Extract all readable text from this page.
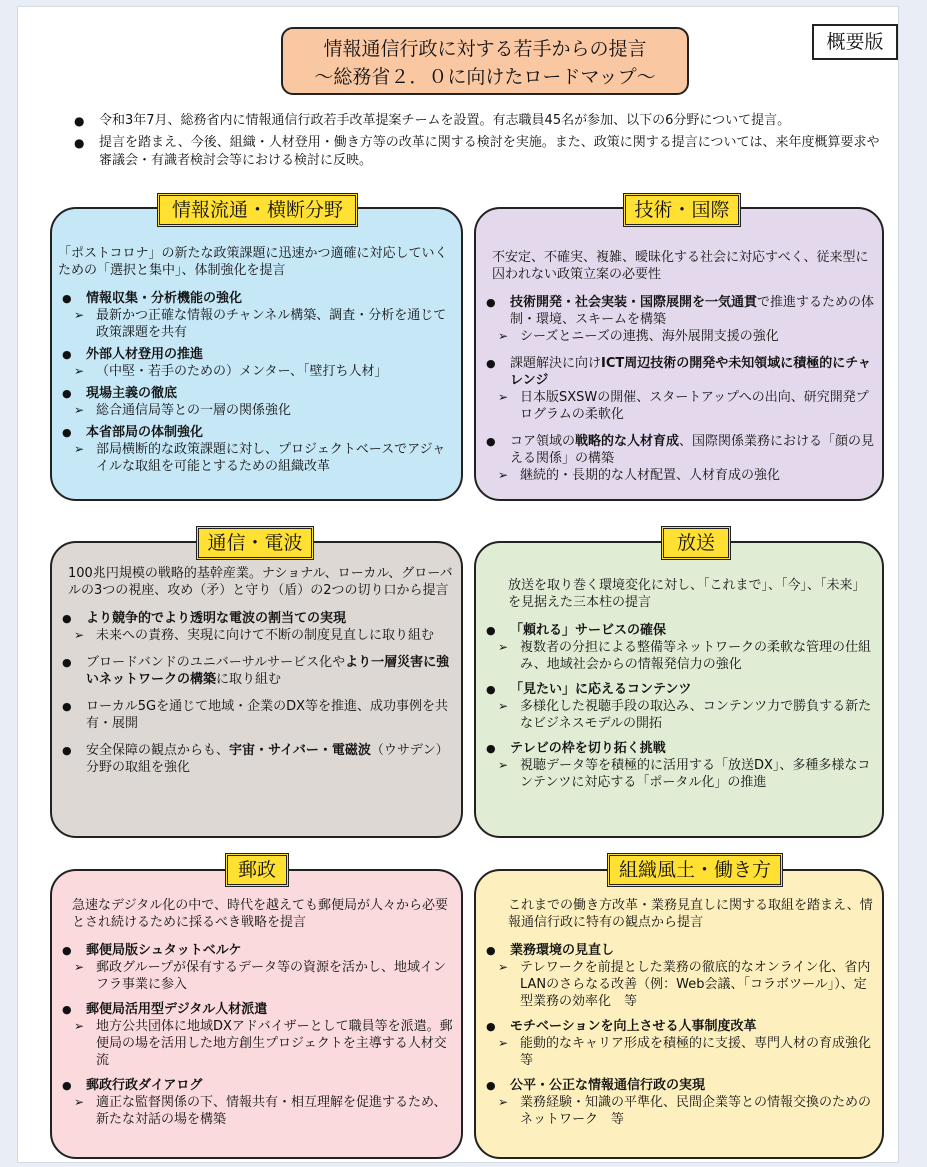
情報通信行政に対する若手からの提言
～総務省２．０に向けたロードマップ～
概要版
● 令和3年7月、総務省内に情報通信行政若手改革提案チームを設置。有志職員45名が参加、以下の6分野について提言。
● 提言を踏まえ、今後、組織・人材登用・働き方等の改革に関する検討を実施。また、政策に関する提言については、来年度概算要求や審議会・有識者検討会等における検討に反映。

「ポストコロナ」の新たな政策課題に迅速かつ適確に対応していくための「選択と集中」、体制強化を提言

● 情報収集・分析機能の強化
➢ 最新かつ正確な情報のチャンネル構築、調査・分析を通じて政策課題を共有
● 外部人材登用の推進
➢ （中堅・若手のための）メンター、「壁打ち人材」
● 現場主義の徹底
➢ 総合通信局等との一層の関係強化
● 本省部局の体制強化
➢ 部局横断的な政策課題に対し、プロジェクトベースでアジャイルな取組を可能とするための組織改革
情報流通・横断分野

不安定、不確実、複雑、曖昧化する社会に対応すべく、従来型に囚われない政策立案の必要性

● 技術開発・社会実装・国際展開を一気通貫で推進するための体制・環境、スキームを構築
➢ シーズとニーズの連携、海外展開支援の強化
● 課題解決に向けICT周辺技術の開発や未知領域に積極的にチャレンジ
➢ 日本版SXSWの開催、スタートアップへの出向、研究開発プログラムの柔軟化
● コア領域の戦略的な人材育成、国際関係業務における「顔の見える関係」の構築
➢ 継続的・長期的な人材配置、人材育成の強化
技術・国際

100兆円規模の戦略的基幹産業。ナショナル、ローカル、グローバルの3つの視座、攻め（矛）と守り（盾）の2つの切り口から提言

● より競争的でより透明な電波の割当ての実現
➢ 未来への責務、実現に向けて不断の制度見直しに取り組む
● ブロードバンドのユニバーサルサービス化やより一層災害に強いネットワークの構築に取り組む
● ローカル5Gを通じて地域・企業のDX等を推進、成功事例を共有・展開
● 安全保障の観点からも、宇宙・サイバー・電磁波（ウサデン）分野の取組を強化
通信・電波

放送を取り巻く環境変化に対し、「これまで」、「今」、「未来」を見据えた三本柱の提言

● 「頼れる」サービスの確保
➢ 複数者の分担による整備等ネットワークの柔軟な管理の仕組み、地域社会からの情報発信力の強化
● 「見たい」に応えるコンテンツ
➢ 多様化した視聴手段の取込み、コンテンツ力で勝負する新たなビジネスモデルの開拓
● テレビの枠を切り拓く挑戦
➢ 視聴データ等を積極的に活用する「放送DX」、多種多様なコンテンツに対応する「ポータル化」の推進
放送

急速なデジタル化の中で、時代を越えても郵便局が人々から必要とされ続けるために採るべき戦略を提言

● 郵便局版シュタットベルケ
➢ 郵政グループが保有するデータ等の資源を活かし、地域インフラ事業に参入
● 郵便局活用型デジタル人材派遣
➢ 地方公共団体に地域DXアドバイザーとして職員等を派遣。郵便局の場を活用した地方創生プロジェクトを主導する人材交流
● 郵政行政ダイアログ
➢ 適正な監督関係の下、情報共有・相互理解を促進するため、新たな対話の場を構築
郵政

これまでの働き方改革・業務見直しに関する取組を踏まえ、情報通信行政に特有の観点から提言

● 業務環境の見直し
➢ テレワークを前提とした業務の徹底的なオンライン化、省内LANのさらなる改善（例：Web会議、「コラボツール」）、定型業務の効率化　等
● モチベーションを向上させる人事制度改革
➢ 能動的なキャリア形成を積極的に支援、専門人材の育成強化　等
● 公平・公正な情報通信行政の実現
➢ 業務経験・知識の平準化、民間企業等との情報交換のためのネットワーク　等
組織風土・働き方
